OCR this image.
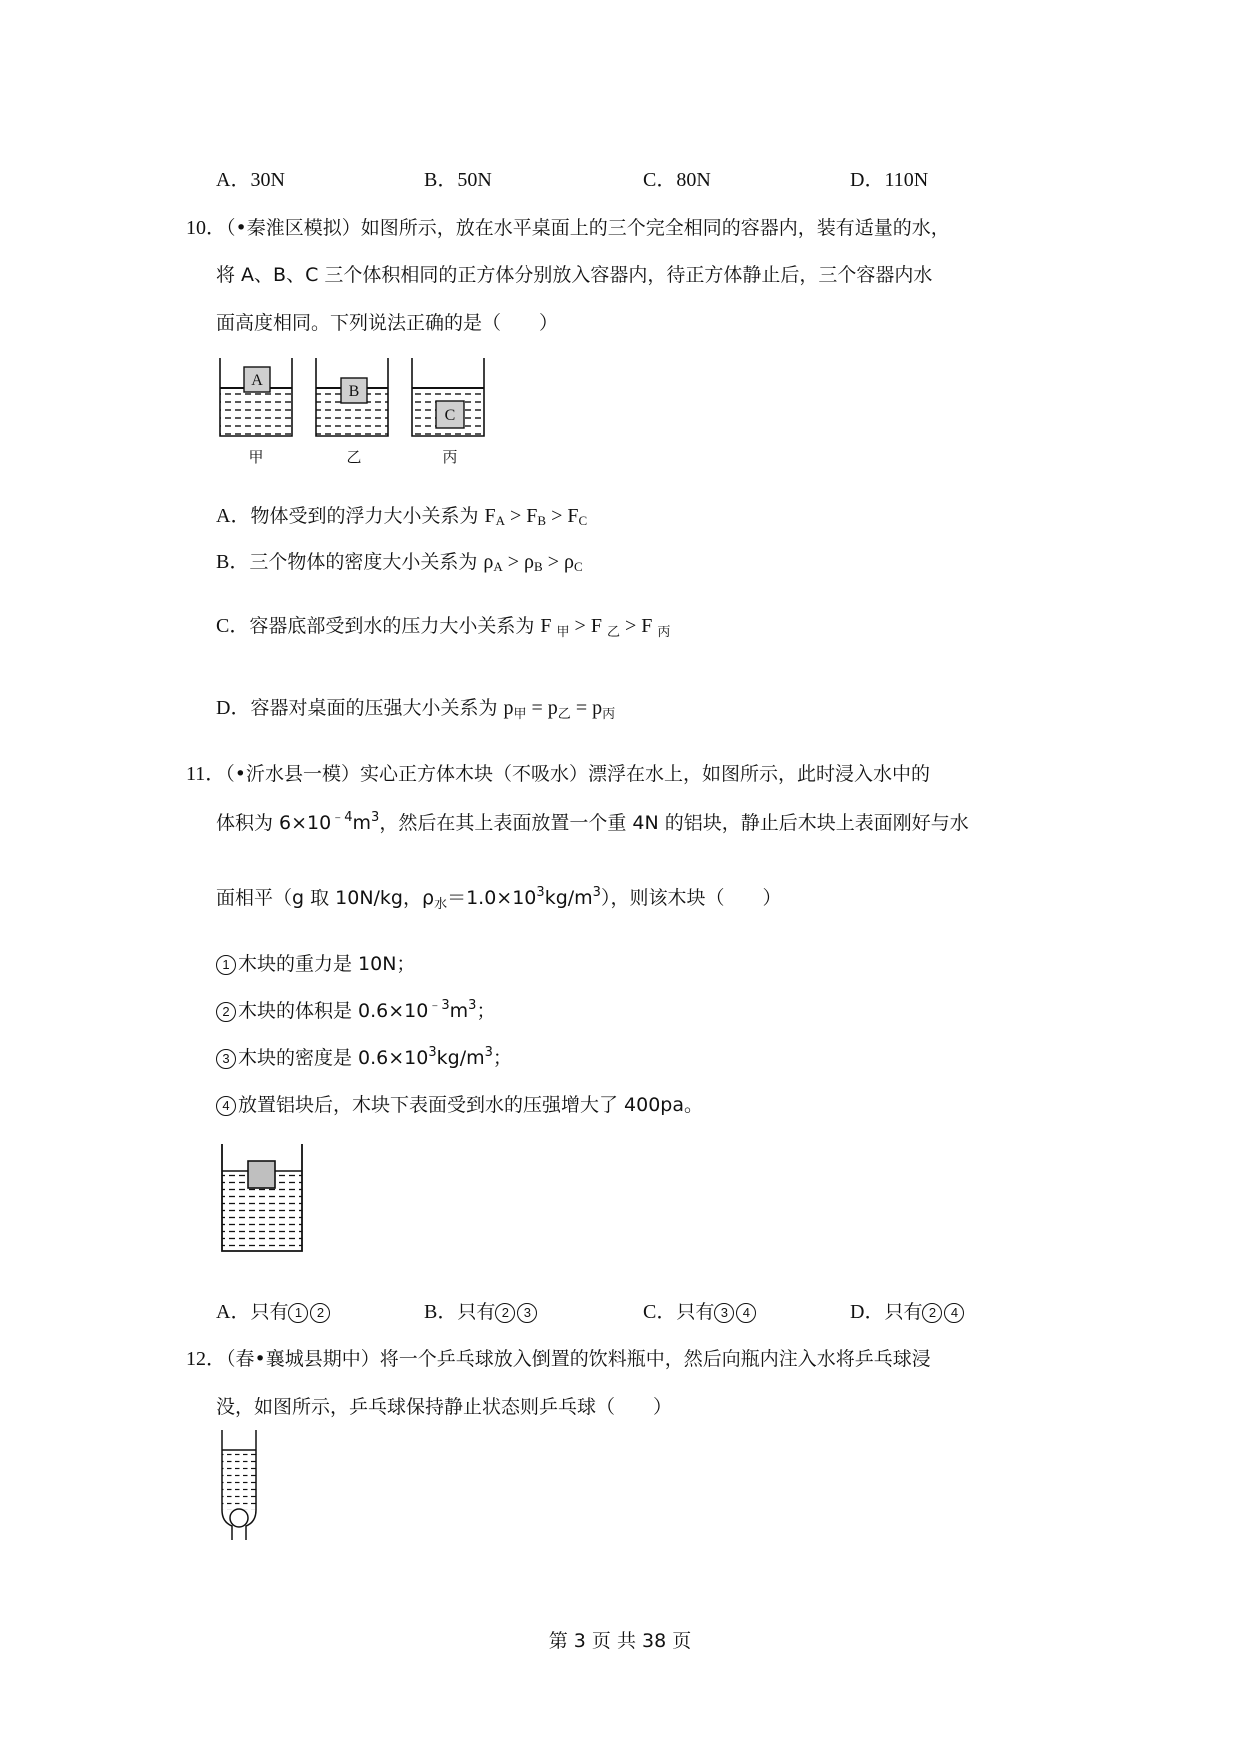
A．30N	B．50N	C．80N	D．110N
10．（•秦淮区模拟）如图所示，放在水平桌面上的三个完全相同的容器内，装有适量的水，
将 A、B、C 三个体积相同的正方体分别放入容器内，待正方体静止后，三个容器内水
面高度相同。下列说法正确的是（　　）
A
甲
B
乙
C
丙
A．物体受到的浮力大小关系为 $F_A > F_B > F_C$
B．三个物体的密度大小关系为 $\rho_A > \rho_B > \rho_C$
C．容器底部受到水的压力大小关系为 F $_甲$ > F $_乙$ > F $_丙$
D．容器对桌面的压强大小关系为 $p_甲 = p_乙 = p_丙$
11．（•沂水县一模）实心正方体木块（不吸水）漂浮在水上，如图所示，此时浸入水中的
体积为 $6\times 10^{﹣4}m^3$，然后在其上表面放置一个重 4N 的铝块，静止后木块上表面刚好与水
面相平（g 取 10N/kg，$\rho_水=1.0\times 10^3kg/m^3$），则该木块（　　）
1 木块的重力是 10N；
2 木块的体积是 $0.6\times 10^{﹣3}m^3$；
3 木块的密度是 $0.6\times 10^3kg/m^3$；
4 放置铝块后，木块下表面受到水的压强增大了 400pa。
A．只有 1 2	B．只有 2 3	C．只有 3 4	D．只有 2 4
12．（春•襄城县期中）将一个乒乓球放入倒置的饮料瓶中，然后向瓶内注入水将乒乓球浸
没，如图所示，乒乓球保持静止状态则乒乓球（　　）
第 3 页 共 38 页
